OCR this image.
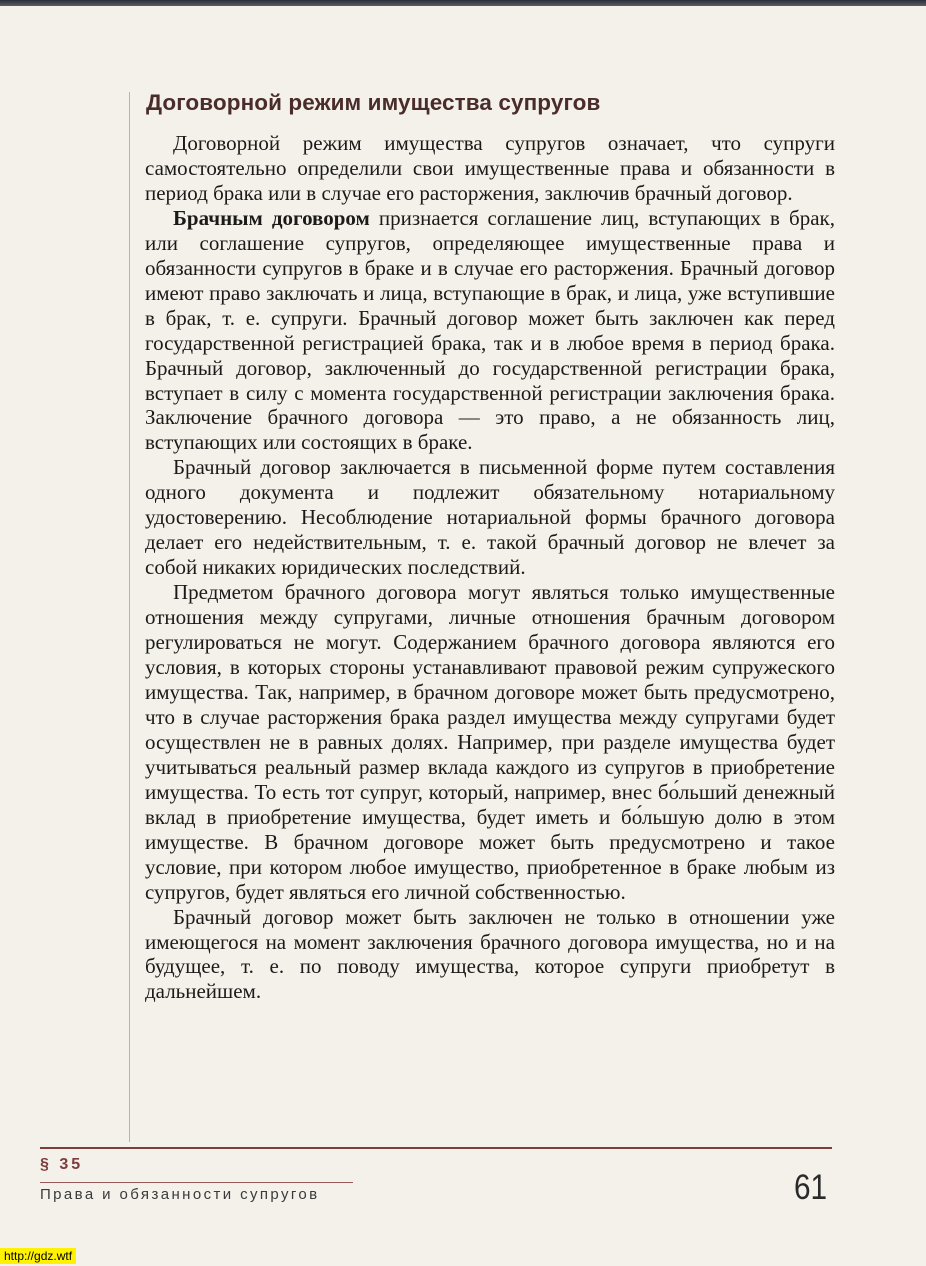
Договорной режим имущества супругов

Договорной режим имущества супругов означает, что супруги самостоятельно определили свои имущественные права и обязанности в период брака или в случае его расторжения, заключив брачный договор.

Брачным договором признается соглашение лиц, вступающих в брак, или соглашение супругов, определяющее имущественные права и обязанности супругов в браке и в случае его расторжения. Брачный договор имеют право заключать и лица, вступающие в брак, и лица, уже вступившие в брак, т. е. супруги. Брачный договор может быть заключен как перед государственной регистрацией брака, так и в любое время в период брака. Брачный договор, заключенный до государственной регистрации брака, вступает в силу с момента государственной регистрации заключения брака. Заключение брачного договора — это право, а не обязанность лиц, вступающих или состоящих в браке.

Брачный договор заключается в письменной форме путем составления одного документа и подлежит обязательному нотариальному удостоверению. Несоблюдение нотариальной формы брачного договора делает его недействительным, т. е. такой брачный договор не влечет за собой никаких юридических последствий.

Предметом брачного договора могут являться только имущественные отношения между супругами, личные отношения брачным договором регулироваться не могут. Содержанием брачного договора являются его условия, в которых стороны устанавливают правовой режим супружеского имущества. Так, например, в брачном договоре может быть предусмотрено, что в случае расторжения брака раздел имущества между супругами будет осуществлен не в равных долях. Например, при разделе имущества будет учитываться реальный размер вклада каждого из супругов в приобретение имущества. То есть тот супруг, который, например, внес бо́льший денежный вклад в приобретение имущества, будет иметь и бо́льшую долю в этом имуществе. В брачном договоре может быть предусмотрено и такое условие, при котором любое имущество, приобретенное в браке любым из супругов, будет являться его личной собственностью.

Брачный договор может быть заключен не только в отношении уже имеющегося на момент заключения брачного договора имущества, но и на будущее, т. е. по поводу имущества, которое супруги приобретут в дальнейшем.

§ 35
Права и обязанности супругов	61
http://gdz.wtf
